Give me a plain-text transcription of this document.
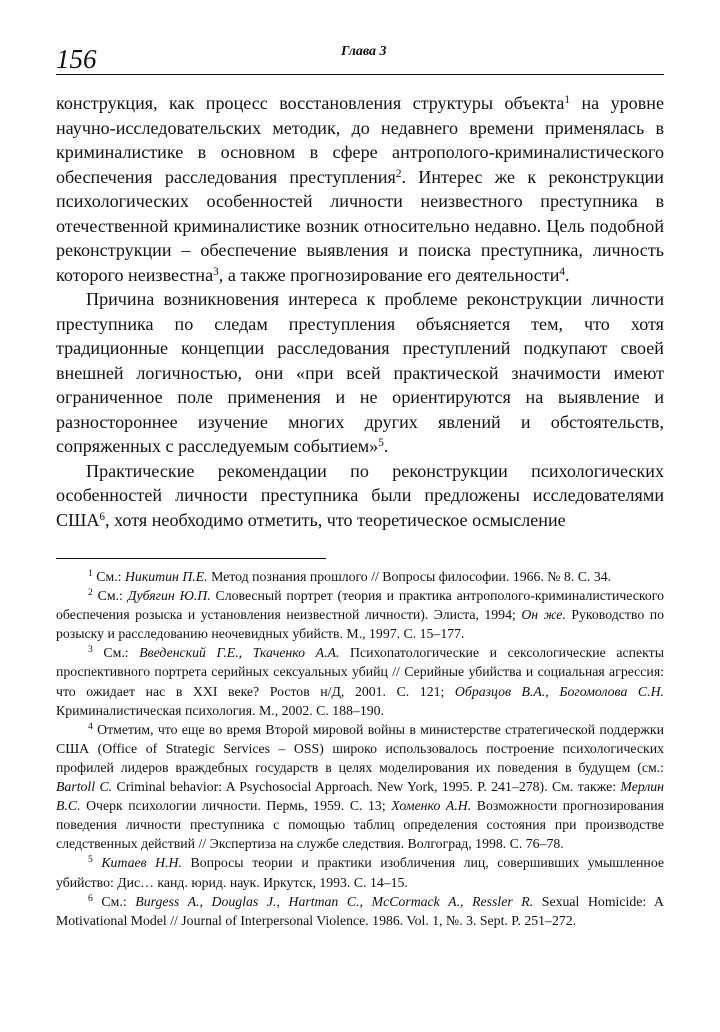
156	Глава 3

конструкция, как процесс восстановления структуры объекта$^1$ на уровне научно-исследовательских методик, до недавнего времени применялась в криминалистике в основном в сфере антрополого-криминалистического обеспечения расследования преступления$^2$. Интерес же к реконструкции психологических особенностей личности неизвестного преступника в отечественной криминалистике возник относительно недавно. Цель подобной реконструкции – обеспечение выявления и поиска преступника, личность которого неизвестна$^3$, а также прогнозирование его деятельности$^4$.

Причина возникновения интереса к проблеме реконструкции личности преступника по следам преступления объясняется тем, что хотя традиционные концепции расследования преступлений подкупают своей внешней логичностью, они «при всей практической значимости имеют ограниченное поле применения и не ориентируются на выявление и разностороннее изучение многих других явлений и обстоятельств, сопряженных с расследуемым событием»$^5$.

Практические рекомендации по реконструкции психологических особенностей личности преступника были предложены исследователями США$^6$, хотя необходимо отметить, что теоретическое осмысление

$^1$ См.: Никитин П.Е. Метод познания прошлого // Вопросы философии. 1966. № 8. С. 34.

$^2$ См.: Дубягин Ю.П. Словесный портрет (теория и практика антрополого-криминалистического обеспечения розыска и установления неизвестной личности). Элиста, 1994; Он же. Руководство по розыску и расследованию неочевидных убийств. М., 1997. С. 15–177.

$^3$ См.: Введенский Г.Е., Ткаченко А.А. Психопатологические и сексологические аспекты проспективного портрета серийных сексуальных убийц // Серийные убийства и социальная агрессия: что ожидает нас в XXI веке? Ростов н/Д, 2001. С. 121; Образцов В.А., Богомолова С.Н. Криминалистическая психология. М., 2002. С. 188–190.

$^4$ Отметим, что еще во время Второй мировой войны в министерстве стратегической поддержки США (Office of Strategic Services – OSS) широко использовалось построение психологических профилей лидеров враждебных государств в целях моделирования их поведения в будущем (см.: Bartoll C. Criminal behavior: A Psychosocial Approach. New York, 1995. P. 241–278). См. также: Мерлин В.С. Очерк психологии личности. Пермь, 1959. С. 13; Хоменко А.Н. Возможности прогнозирования поведения личности преступника с помощью таблиц определения состояния при производстве следственных действий // Экспертиза на службе следствия. Волгоград, 1998. С. 76–78.

$^5$ Китаев Н.Н. Вопросы теории и практики изобличения лиц, совершивших умышленное убийство: Дис… канд. юрид. наук. Иркутск, 1993. С. 14–15.

$^6$ См.: Burgess A., Douglas J., Hartman C., McCormack A., Ressler R. Sexual Homicide: A Motivational Model // Journal of Interpersonal Violence. 1986. Vol. 1, №. 3. Sept. P. 251–272.
